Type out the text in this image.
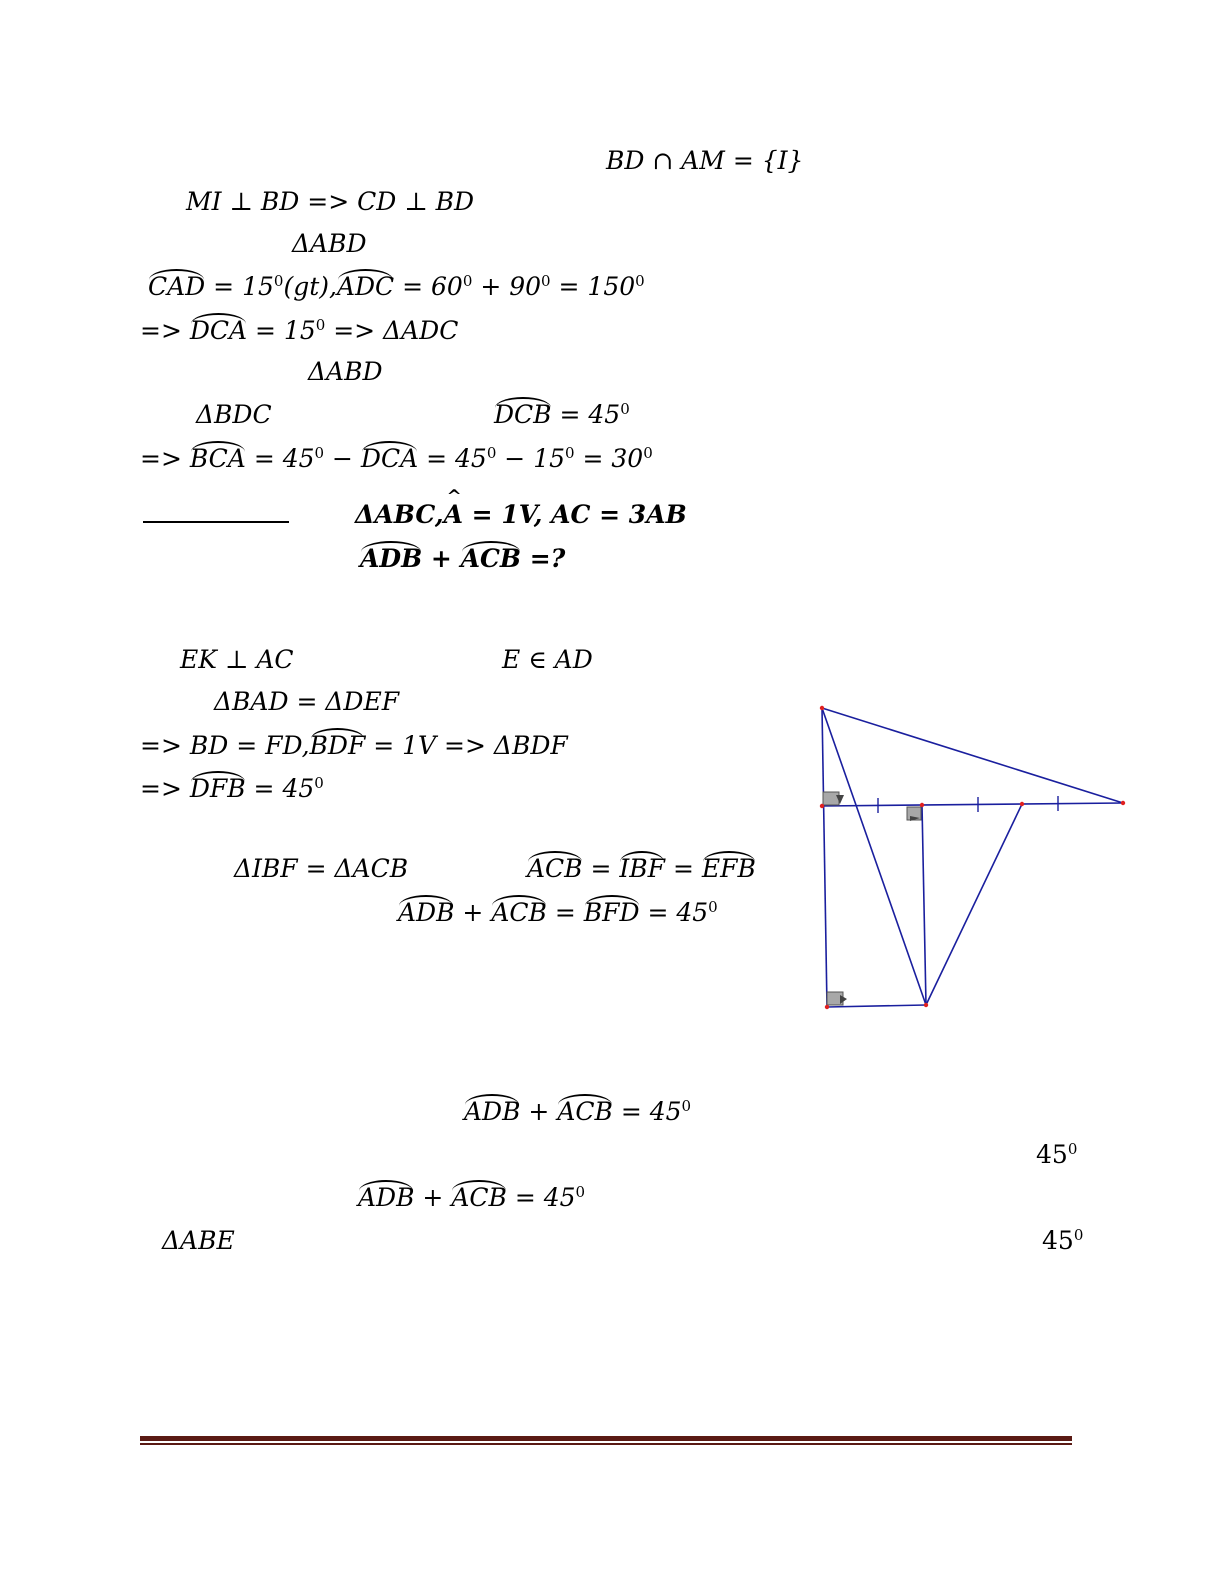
BD ∩ AM = {I}
MI ⊥ BD => CD ⊥ BD
ΔABD
CAD = $15^0(gt),ADC = 60^0 + 90^0 = 150^0$
=> DCA = $15^0 => \Delta ADC$
ΔABD
ΔBDC	DCB = $45^0$
=> BCA = $45^0$ − DCA = $45^0 - 15^0 = 30^0$
ΔABC,^ A = 1V, AC = 3AB
ADB + ACB =?
EK ⊥ AC	E ∈ AD
ΔBAD = ΔDEF
=> BD = FD,BDF = 1V => ΔBDF
=> DFB = $45^0$
ΔIBF = ΔACB	ACB = IBF = EFB
ADB + ACB = BFD = $45^0$
ADB + ACB = $45^0$
$45^0$
ADB + ACB = $45^0$
ΔABE	$45^0$
